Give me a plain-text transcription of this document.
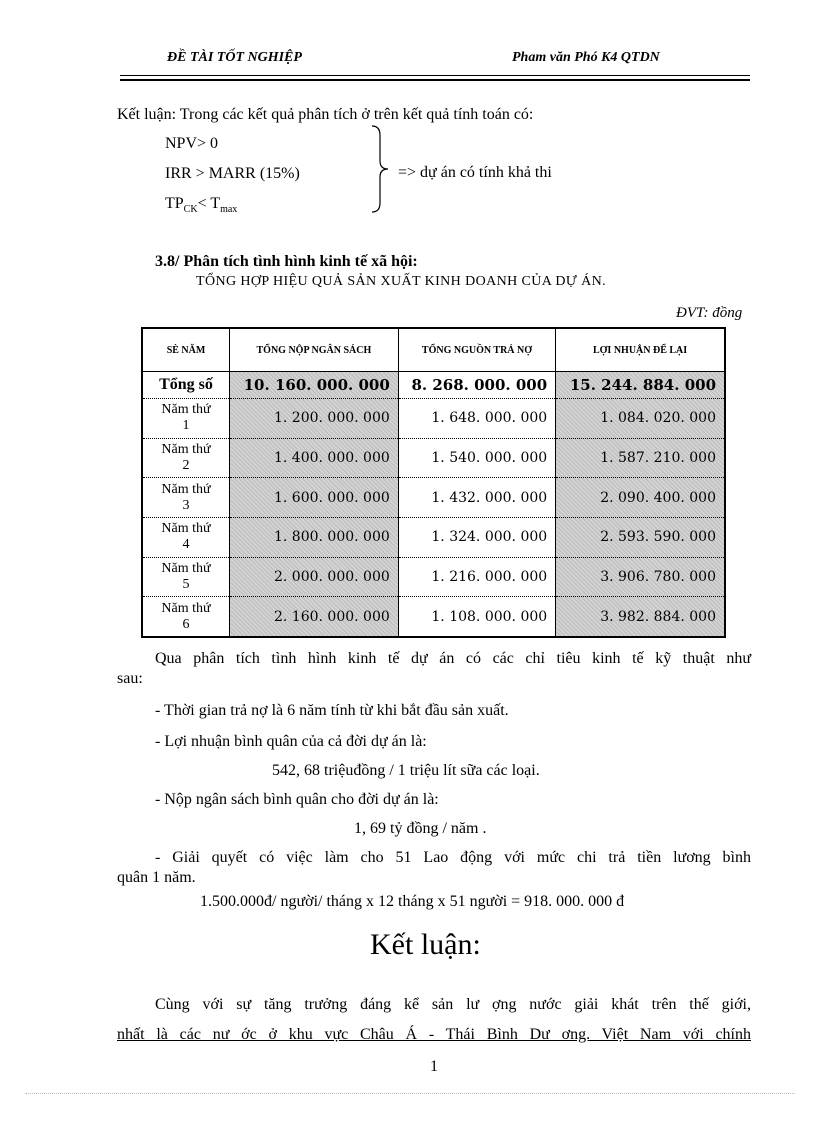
ĐỀ TÀI TỐT NGHIỆP	Pham văn Phó K4 QTDN
Kết luận: Trong các kết quả phân tích ở trên kết quả tính toán có:
NPV> 0
IRR > MARR (15%)
$TP_{CK}< T_{max}$
=> dự án có tính khả thi
3.8/ Phân tích tình hình kinh tế xã hội:
TỔNG HỢP HIỆU QUẢ SẢN XUẤT KINH DOANH CỦA DỰ ÁN.
ĐVT: đồng
SÈ NĂM	TỔNG NỘP NGÂN SÁCH	TỔNG NGUỒN TRẢ NỢ	LỢI NHUẬN ĐỂ LẠI
Tổng số	10. 160. 000. 000	8. 268. 000. 000	15. 244. 884. 000
Năm thứ
1	1. 200. 000. 000	1. 648. 000. 000	1. 084. 020. 000
Năm thứ
2	1. 400. 000. 000	1. 540. 000. 000	1. 587. 210. 000
Năm thứ
3	1. 600. 000. 000	1. 432. 000. 000	2. 090. 400. 000
Năm thứ
4	1. 800. 000. 000	1. 324. 000. 000	2. 593. 590. 000
Năm thứ
5	2. 000. 000. 000	1. 216. 000. 000	3. 906. 780. 000
Năm thứ
6	2. 160. 000. 000	1. 108. 000. 000	3. 982. 884. 000
Qua phân tích tình hình kinh tế dự án có các chỉ tiêu kinh tế kỹ thuật như
sau:
- Thời gian trả nợ là 6 năm tính từ khi bắt đầu sản xuất.
- Lợi nhuận bình quân của cả đời dự án là:
542, 68 triệuđồng / 1 triệu lít sữa các loại.
- Nộp ngân sách bình quân cho đời dự án là:
1, 69 tỷ đồng / năm .
- Giải quyết có việc làm cho 51 Lao động với mức chi trả tiền lương bình
quân 1 năm.
1.500.000đ/ người/ tháng x 12 tháng x 51 người = 918. 000. 000 đ
Kết luận:
Cùng với sự tăng trưởng đáng kể sản lư ợng nước giải khát trên thế giới,
nhất là các nư ớc ở khu vực Châu Á - Thái Bình Dư ơng. Việt Nam với chính
1
